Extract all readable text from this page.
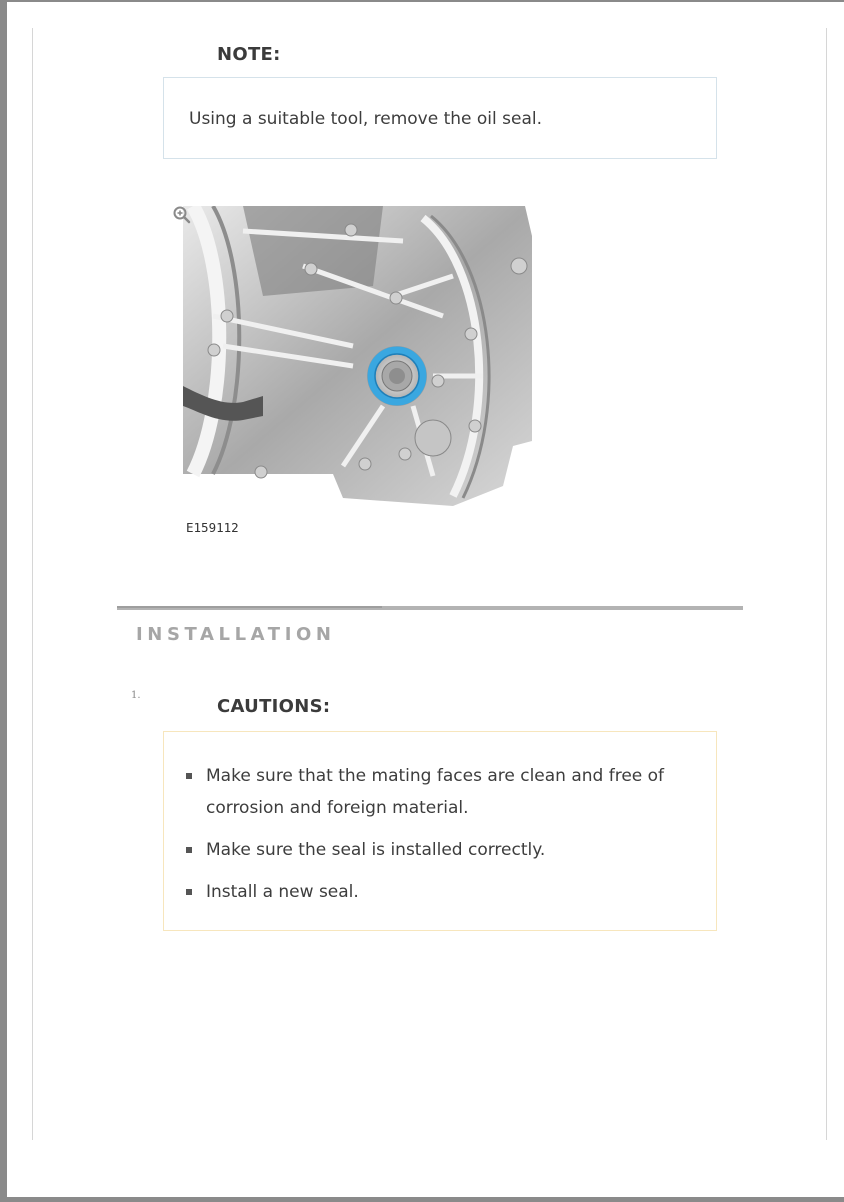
NOTE:
Using a suitable tool, remove the oil seal.
E159112
INSTALLATION
1.
CAUTIONS:
Make sure that the mating faces are clean and free of corrosion and foreign material.
Make sure the seal is installed correctly.
Install a new seal.
